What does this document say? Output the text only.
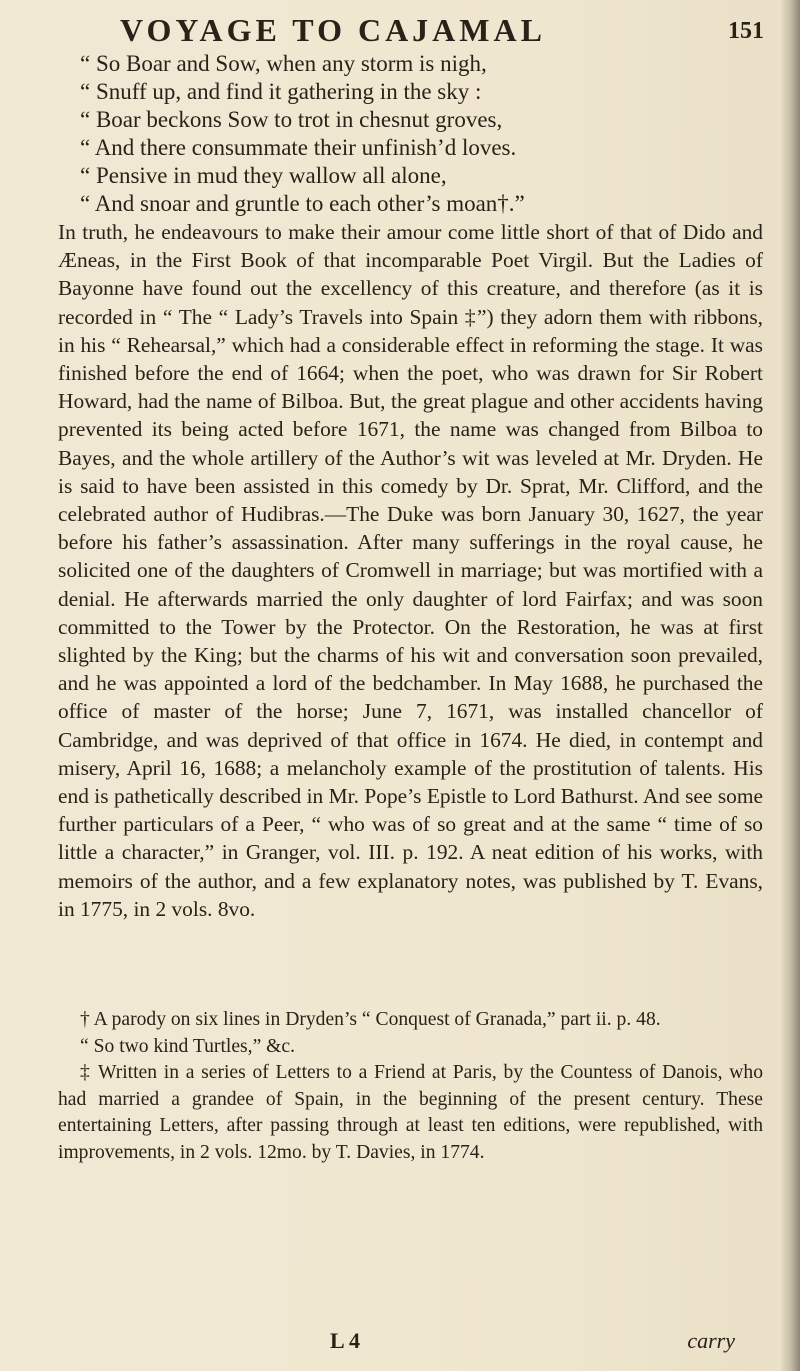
VOYAGE TO CAJAMAL	151
“ So Boar and Sow, when any storm is nigh,
“ Snuff up, and find it gathering in the sky :
“ Boar beckons Sow to trot in chesnut groves,
“ And there consummate their unfinish’d loves.
“ Pensive in mud they wallow all alone,
“ And snoar and gruntle to each other’s moan†.”
In truth, he endeavours to make their amour come little short of that of Dido and Æneas, in the First Book of that incomparable Poet Virgil. But the Ladies of Bayonne have found out the excellency of this creature, and therefore (as it is recorded in “ The “ Lady’s Travels into Spain ‡”) they adorn them with ribbons, in his “ Rehearsal,” which had a considerable effect in reforming the stage. It was finished before the end of 1664; when the poet, who was drawn for Sir Robert Howard, had the name of Bilboa. But, the great plague and other accidents having prevented its being acted before 1671, the name was changed from Bilboa to Bayes, and the whole artillery of the Author’s wit was leveled at Mr. Dryden. He is said to have been assisted in this comedy by Dr. Sprat, Mr. Clifford, and the celebrated author of Hudibras.—The Duke was born January 30, 1627, the year before his father’s assassination. After many sufferings in the royal cause, he solicited one of the daughters of Cromwell in marriage; but was mortified with a denial. He afterwards married the only daughter of lord Fairfax; and was soon committed to the Tower by the Protector. On the Restoration, he was at first slighted by the King; but the charms of his wit and conversation soon prevailed, and he was appointed a lord of the bedchamber. In May 1688, he purchased the office of master of the horse; June 7, 1671, was installed chancellor of Cambridge, and was deprived of that office in 1674. He died, in contempt and misery, April 16, 1688; a melancholy example of the prostitution of talents. His end is pathetically described in Mr. Pope’s Epistle to Lord Bathurst. And see some further particulars of a Peer, “ who was of so great and at the same “ time of so little a character,” in Granger, vol. III. p. 192. A neat edition of his works, with memoirs of the author, and a few explanatory notes, was published by T. Evans, in 1775, in 2 vols. 8vo.
† A parody on six lines in Dryden’s “ Conquest of Granada,” part ii. p. 48.
“ So two kind Turtles,” &c.
‡ Written in a series of Letters to a Friend at Paris, by the Countess of Danois, who had married a grandee of Spain, in the beginning of the present century. These entertaining Letters, after passing through at least ten editions, were republished, with improvements, in 2 vols. 12mo. by T. Davies, in 1774.
L 4	carry
